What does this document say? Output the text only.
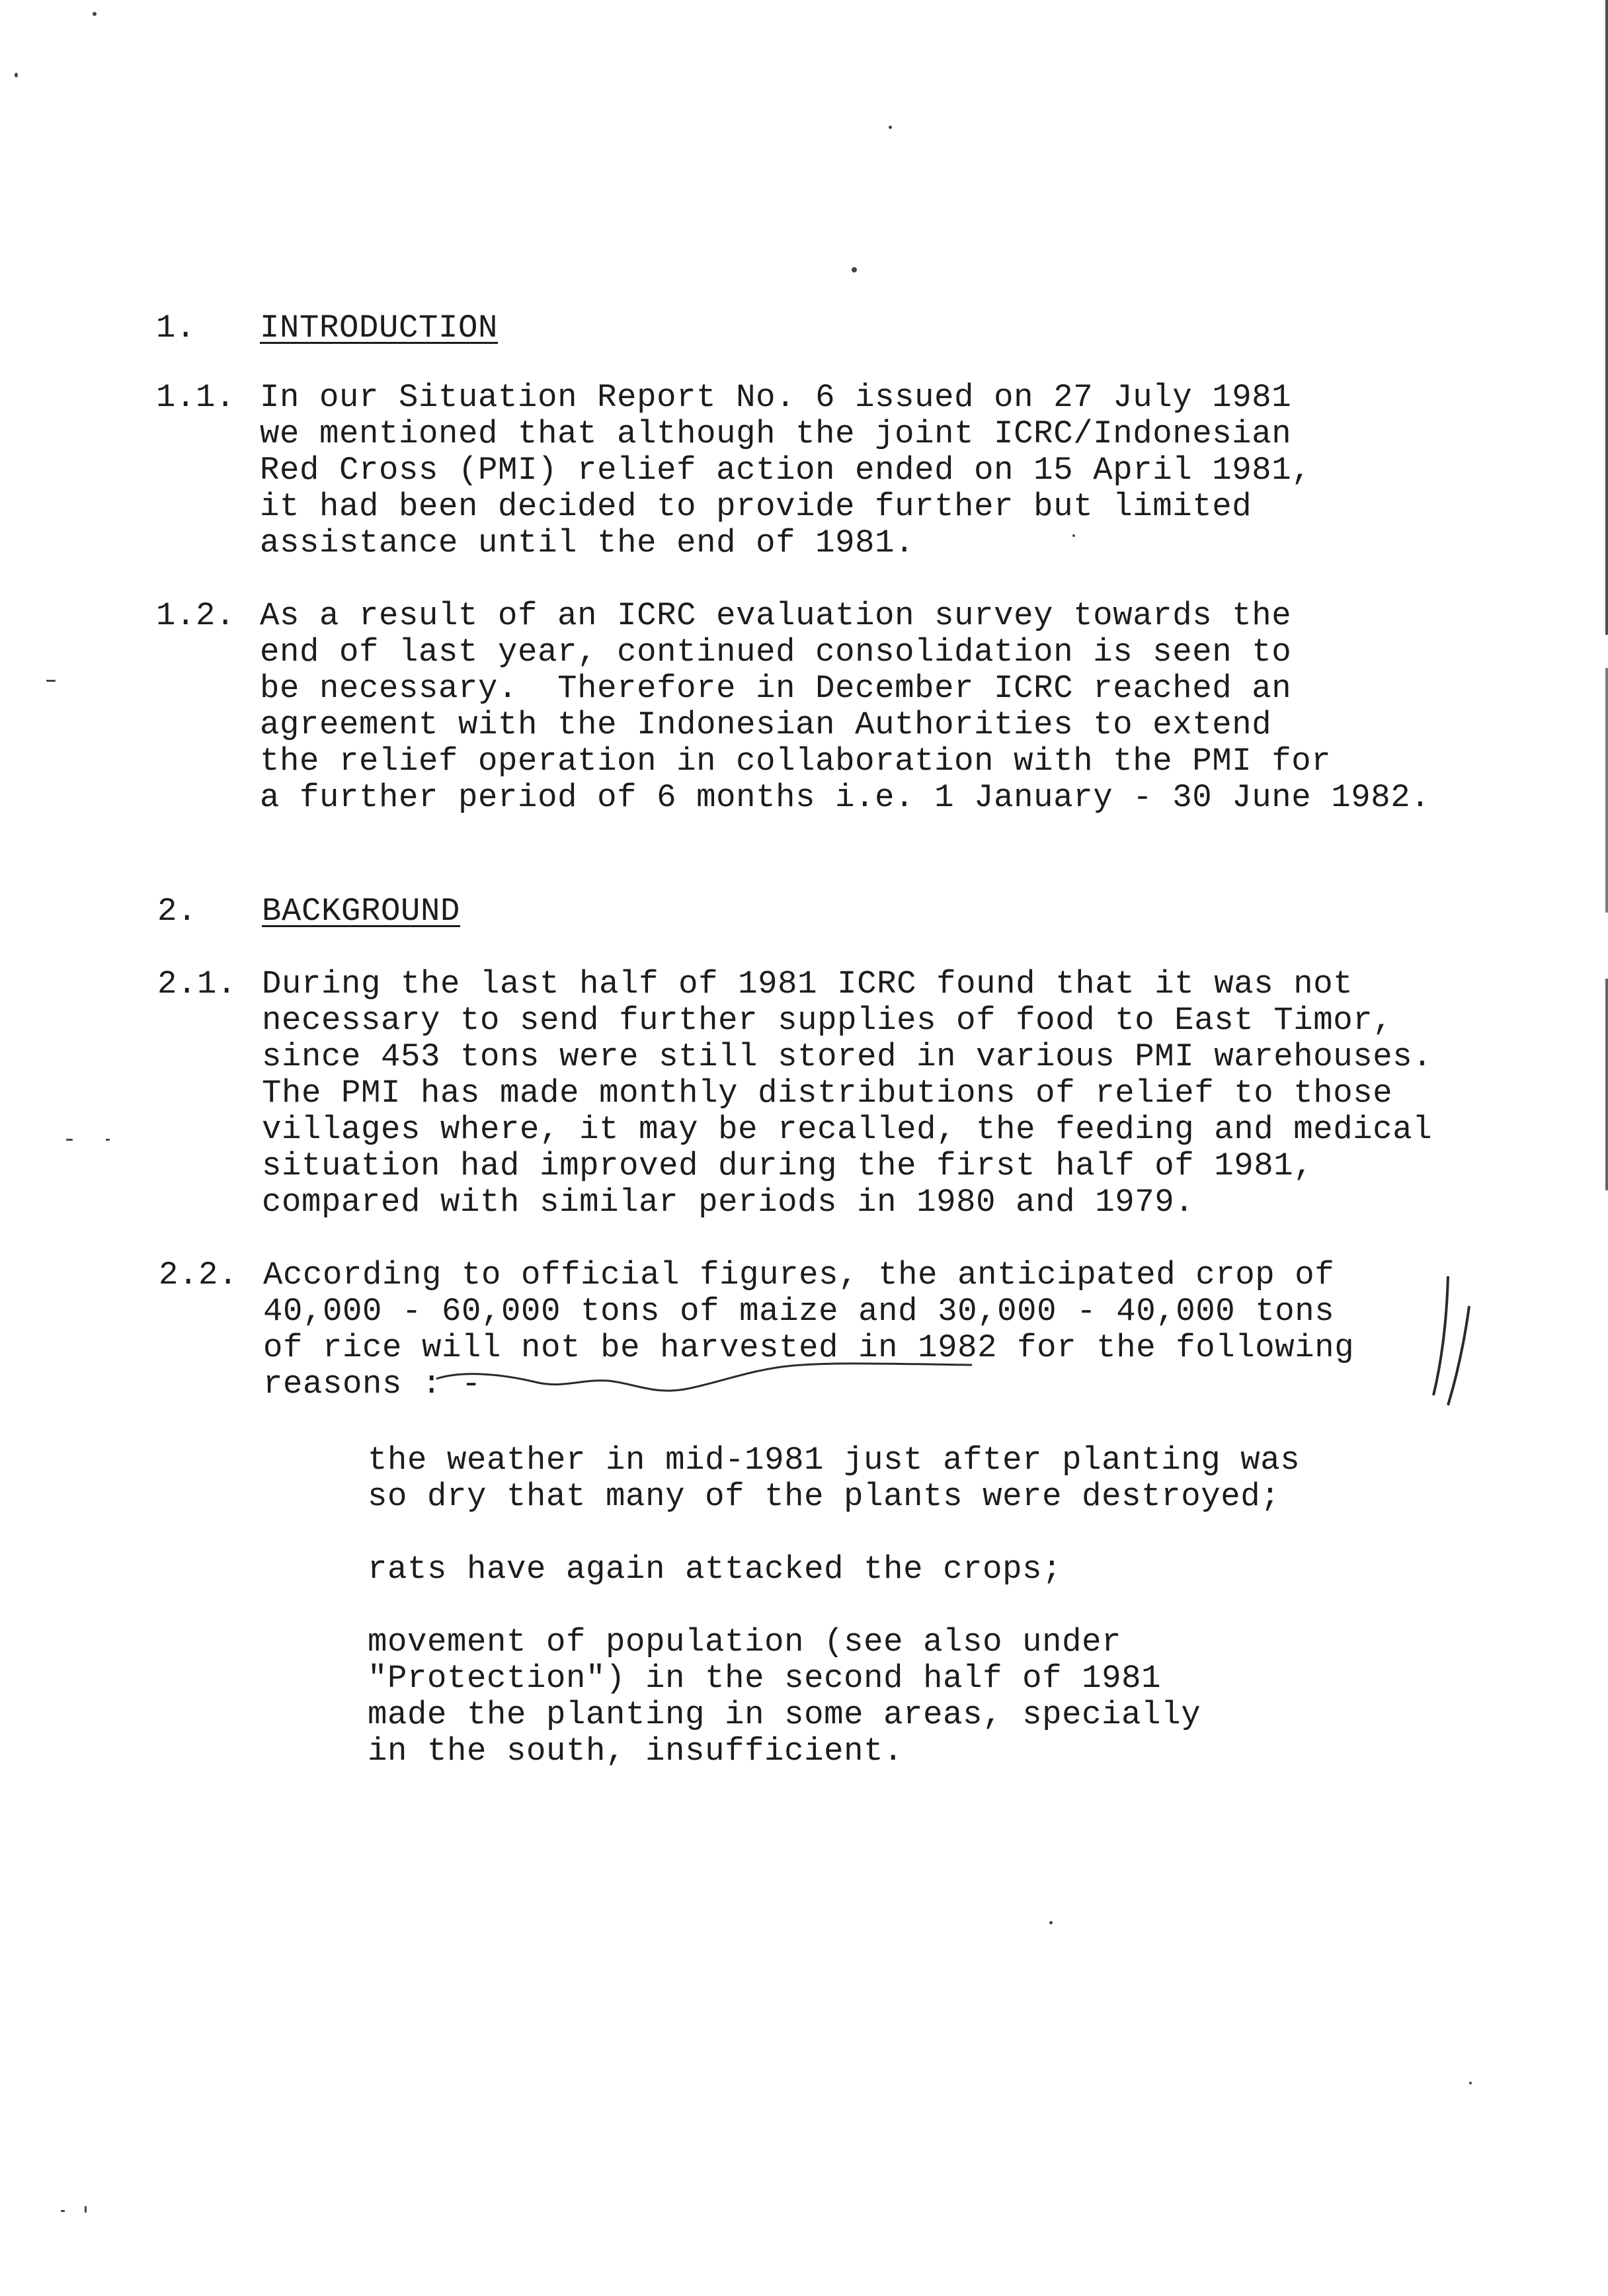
1. INTRODUCTION
1.1. In our Situation Report No. 6 issued on 27 July 1981
we mentioned that although the joint ICRC/Indonesian
Red Cross (PMI) relief action ended on 15 April 1981,
it had been decided to provide further but limited
assistance until the end of 1981.
1.2. As a result of an ICRC evaluation survey towards the
end of last year, continued consolidation is seen to
be necessary.  Therefore in December ICRC reached an
agreement with the Indonesian Authorities to extend
the relief operation in collaboration with the PMI for
a further period of 6 months i.e. 1 January - 30 June 1982.
2. BACKGROUND
2.1. During the last half of 1981 ICRC found that it was not
necessary to send further supplies of food to East Timor,
since 453 tons were still stored in various PMI warehouses.
The PMI has made monthly distributions of relief to those
villages where, it may be recalled, the feeding and medical
situation had improved during the first half of 1981,
compared with similar periods in 1980 and 1979.
2.2. According to official figures, the anticipated crop of
40,000 - 60,000 tons of maize and 30,000 - 40,000 tons
of rice will not be harvested in 1982 for the following
reasons : -
the weather in mid-1981 just after planting was
so dry that many of the plants were destroyed;
rats have again attacked the crops;
movement of population (see also under
"Protection") in the second half of 1981
made the planting in some areas, specially
in the south, insufficient.
